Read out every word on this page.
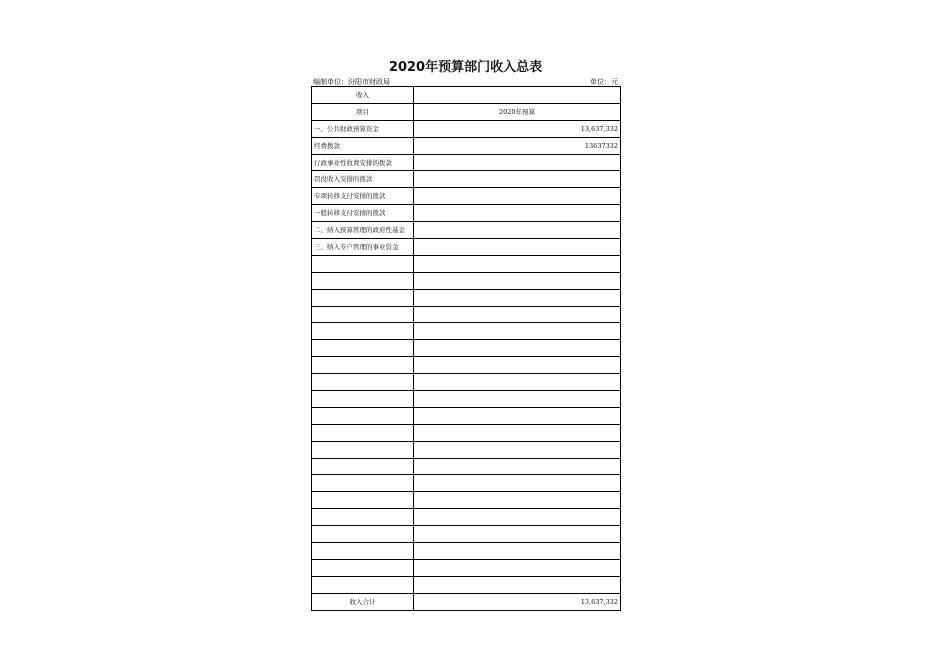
2020年预算部门收入总表
编制单位：汾阳市财政局	单位：元
收入	
项目	2020年预算
一、公共财政预算资金	13,637,332
经费拨款	13637332
行政事业性收费安排的拨款	
罚没收入安排的拨款	
专项转移支付安排的拨款	
一般转移支付安排的拨款	
二、纳入预算管理的政府性基金	
三、纳入专户管理的事业资金	

收入合计	13,637,332
